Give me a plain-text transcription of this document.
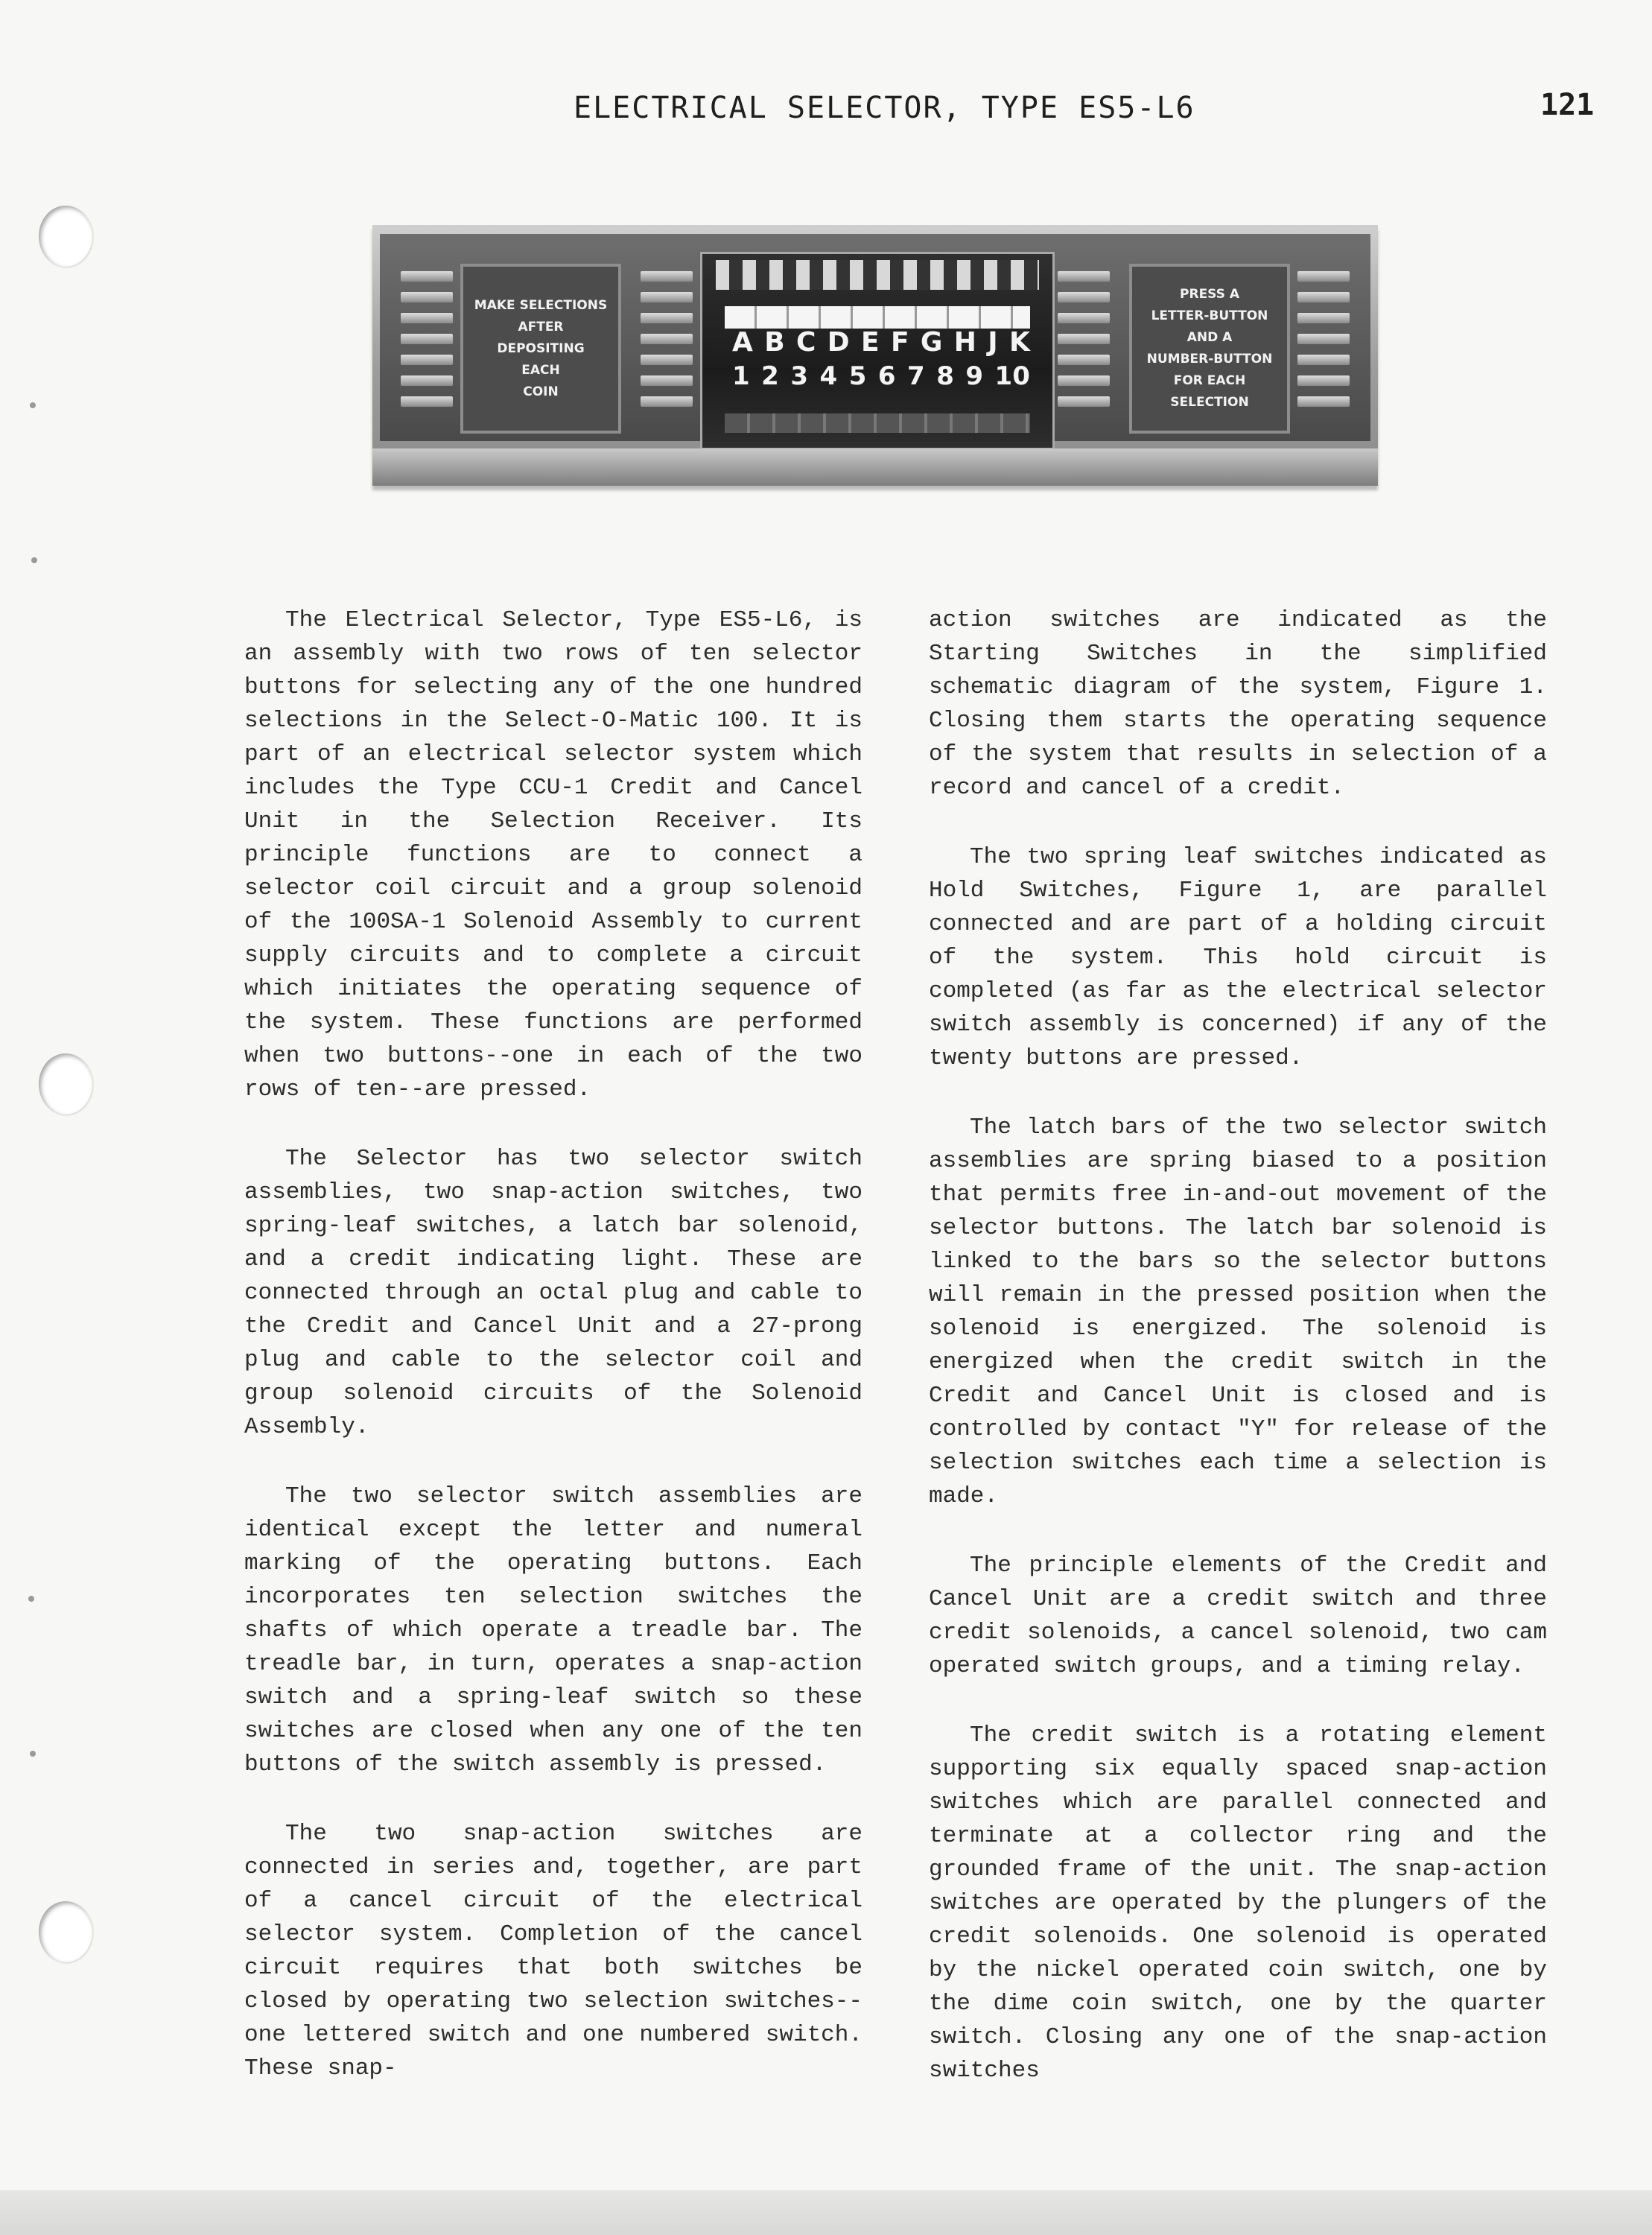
ELECTRICAL SELECTOR, TYPE ES5-L6	121
MAKE SELECTIONS
AFTER
DEPOSITING
EACH
COIN
A B C D E F G H J K
1 2 3 4 5 6 7 8 9 10
PRESS A
LETTER-BUTTON
AND A
NUMBER-BUTTON
FOR EACH
SELECTION

The Electrical Selector, Type ES5-L6, is an assembly with two rows of ten selector buttons for selecting any of the one hundred selections in the Select-O-Matic 100. It is part of an electrical selector system which includes the Type CCU-1 Credit and Cancel Unit in the Selection Receiver. Its principle functions are to connect a selector coil circuit and a group solenoid of the 100SA-1 Solenoid Assembly to current supply circuits and to complete a circuit which initiates the operating sequence of the system. These functions are performed when two buttons--one in each of the two rows of ten--are pressed.

The Selector has two selector switch assemblies, two snap-action switches, two spring-leaf switches, a latch bar solenoid, and a credit indicating light. These are connected through an octal plug and cable to the Credit and Cancel Unit and a 27-prong plug and cable to the selector coil and group solenoid circuits of the Solenoid Assembly.

The two selector switch assemblies are identical except the letter and numeral marking of the operating buttons. Each incorporates ten selection switches the shafts of which operate a treadle bar. The treadle bar, in turn, operates a snap-action switch and a spring-leaf switch so these switches are closed when any one of the ten buttons of the switch assembly is pressed.

The two snap-action switches are connected in series and, together, are part of a cancel circuit of the electrical selector system. Completion of the cancel circuit requires that both switches be closed by operating two selection switches--one lettered switch and one numbered switch. These snap-

action switches are indicated as the Starting Switches in the simplified schematic diagram of the system, Figure 1. Closing them starts the operating sequence of the system that results in selection of a record and cancel of a credit.

The two spring leaf switches indicated as Hold Switches, Figure 1, are parallel connected and are part of a holding circuit of the system. This hold circuit is completed (as far as the electrical selector switch assembly is concerned) if any of the twenty buttons are pressed.

The latch bars of the two selector switch assemblies are spring biased to a position that permits free in-and-out movement of the selector buttons. The latch bar solenoid is linked to the bars so the selector buttons will remain in the pressed position when the solenoid is energized. The solenoid is energized when the credit switch in the Credit and Cancel Unit is closed and is controlled by contact "Y" for release of the selection switches each time a selection is made.

The principle elements of the Credit and Cancel Unit are a credit switch and three credit solenoids, a cancel solenoid, two cam operated switch groups, and a timing relay.

The credit switch is a rotating element supporting six equally spaced snap-action switches which are parallel connected and terminate at a collector ring and the grounded frame of the unit. The snap-action switches are operated by the plungers of the credit solenoids. One solenoid is operated by the nickel operated coin switch, one by the dime coin switch, one by the quarter switch. Closing any one of the snap-action switches
